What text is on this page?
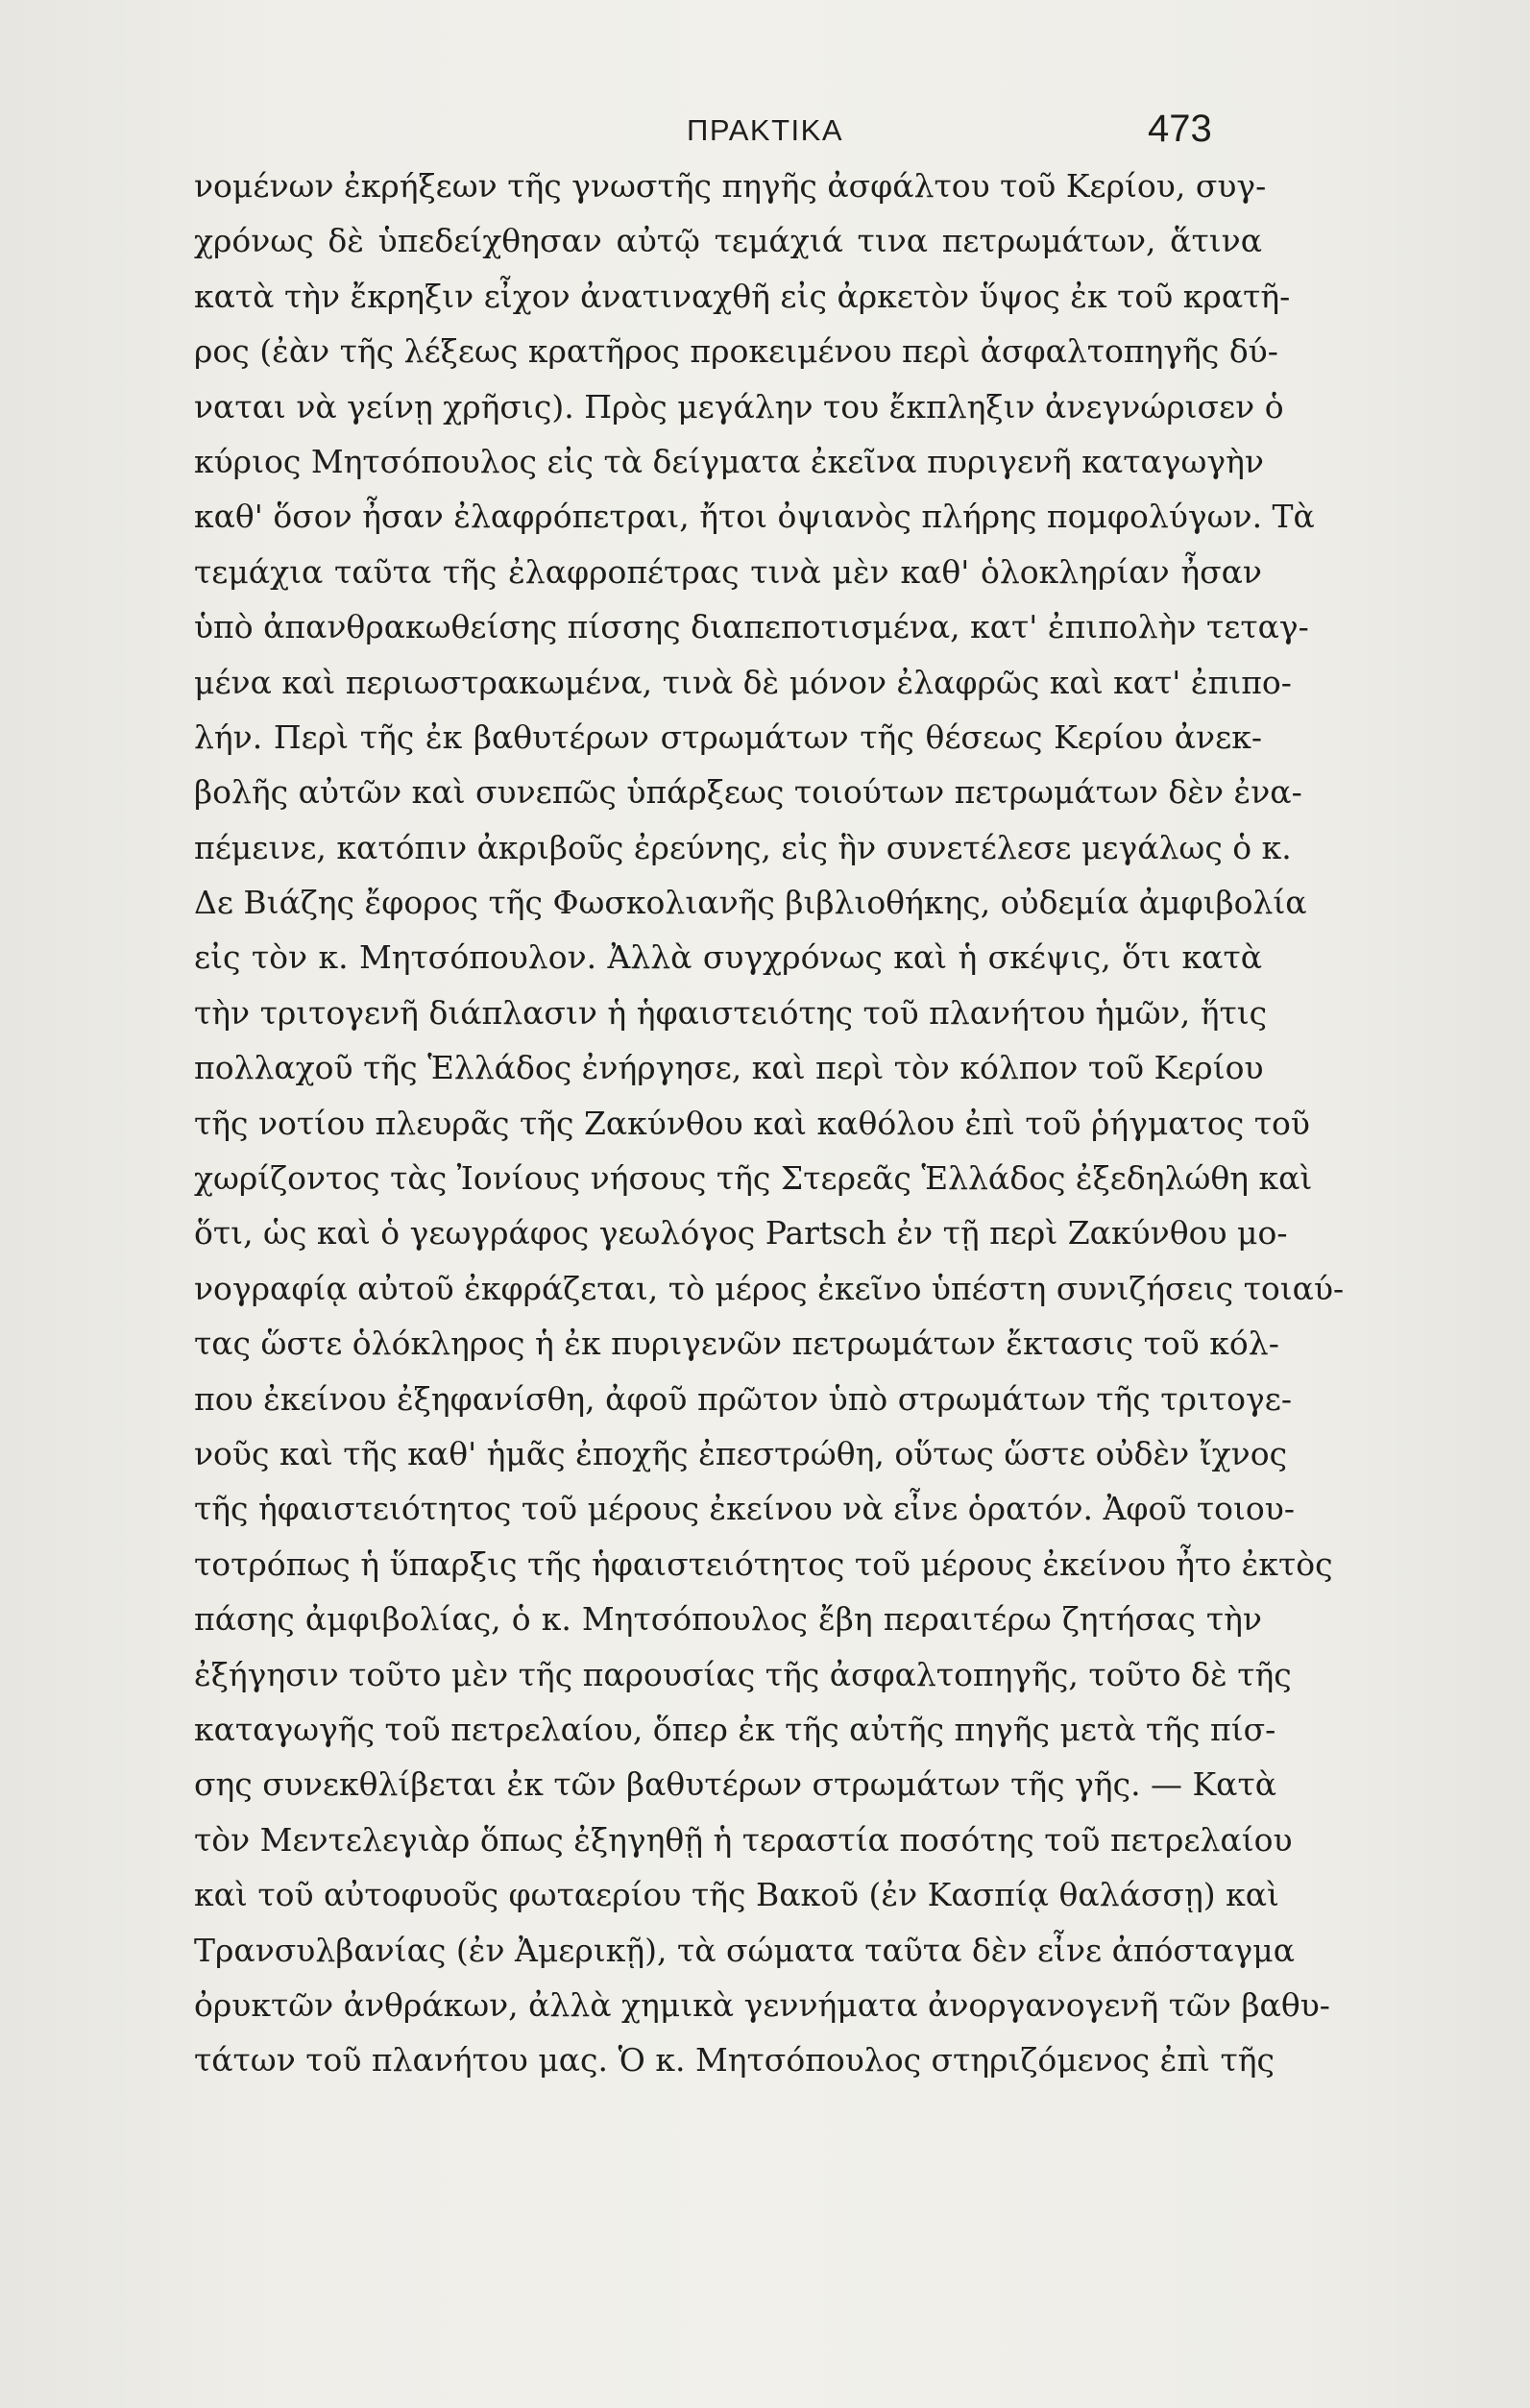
ΠΡΑΚΤΙΚΑ	473
νομένων ἐκρήξεων τῆς γνωστῆς πηγῆς ἀσφάλτου τοῦ Κερίου, συγ-
χρόνως δὲ ὑπεδείχθησαν αὐτῷ τεμάχιά τινα πετρωμάτων, ἅτινα
κατὰ τὴν ἔκρηξιν εἶχον ἀνατιναχθῆ εἰς ἀρκετὸν ὕψος ἐκ τοῦ κρατῆ-
ρος (ἐὰν τῆς λέξεως κρατῆρος προκειμένου περὶ ἀσφαλτοπηγῆς δύ-
ναται νὰ γείνῃ χρῆσις). Πρὸς μεγάλην του ἔκπληξιν ἀνεγνώρισεν ὁ
κύριος Μητσόπουλος εἰς τὰ δείγματα ἐκεῖνα πυριγενῆ καταγωγὴν
καθ' ὅσον ἦσαν ἐλαφρόπετραι, ἤτοι ὀψιανὸς πλήρης πομφολύγων. Τὰ
τεμάχια ταῦτα τῆς ἐλαφροπέτρας τινὰ μὲν καθ' ὁλοκληρίαν ἦσαν
ὑπὸ ἀπανθρακωθείσης πίσσης διαπεποτισμένα, κατ' ἐπιπολὴν τεταγ-
μένα καὶ περιωστρακωμένα, τινὰ δὲ μόνον ἐλαφρῶς καὶ κατ' ἐπιπο-
λήν. Περὶ τῆς ἐκ βαθυτέρων στρωμάτων τῆς θέσεως Κερίου ἀνεκ-
βολῆς αὐτῶν καὶ συνεπῶς ὑπάρξεως τοιούτων πετρωμάτων δὲν ἐνα-
πέμεινε, κατόπιν ἀκριβοῦς ἐρεύνης, εἰς ἣν συνετέλεσε μεγάλως ὁ κ.
Δε Βιάζης ἔφορος τῆς Φωσκολιανῆς βιβλιοθήκης, οὐδεμία ἀμφιβολία
εἰς τὸν κ. Μητσόπουλον. Ἀλλὰ συγχρόνως καὶ ἡ σκέψις, ὅτι κατὰ
τὴν τριτογενῆ διάπλασιν ἡ ἡφαιστειότης τοῦ πλανήτου ἡμῶν, ἥτις
πολλαχοῦ τῆς Ἑλλάδος ἐνήργησε, καὶ περὶ τὸν κόλπον τοῦ Κερίου
τῆς νοτίου πλευρᾶς τῆς Ζακύνθου καὶ καθόλου ἐπὶ τοῦ ῥήγματος τοῦ
χωρίζοντος τὰς Ἰονίους νήσους τῆς Στερεᾶς Ἑλλάδος ἐξεδηλώθη καὶ
ὅτι, ὡς καὶ ὁ γεωγράφος γεωλόγος Partsch ἐν τῇ περὶ Ζακύνθου μο-
νογραφίᾳ αὐτοῦ ἐκφράζεται, τὸ μέρος ἐκεῖνο ὑπέστη συνιζήσεις τοιαύ-
τας ὥστε ὁλόκληρος ἡ ἐκ πυριγενῶν πετρωμάτων ἔκτασις τοῦ κόλ-
που ἐκείνου ἐξηφανίσθη, ἀφοῦ πρῶτον ὑπὸ στρωμάτων τῆς τριτογε-
νοῦς καὶ τῆς καθ' ἡμᾶς ἐποχῆς ἐπεστρώθη, οὕτως ὥστε οὐδὲν ἴχνος
τῆς ἡφαιστειότητος τοῦ μέρους ἐκείνου νὰ εἶνε ὁρατόν. Ἀφοῦ τοιου-
τοτρόπως ἡ ὕπαρξις τῆς ἡφαιστειότητος τοῦ μέρους ἐκείνου ἦτο ἐκτὸς
πάσης ἀμφιβολίας, ὁ κ. Μητσόπουλος ἔβη περαιτέρω ζητήσας τὴν
ἐξήγησιν τοῦτο μὲν τῆς παρουσίας τῆς ἀσφαλτοπηγῆς, τοῦτο δὲ τῆς
καταγωγῆς τοῦ πετρελαίου, ὅπερ ἐκ τῆς αὐτῆς πηγῆς μετὰ τῆς πίσ-
σης συνεκθλίβεται ἐκ τῶν βαθυτέρων στρωμάτων τῆς γῆς. — Κατὰ
τὸν Μεντελεγιὰρ ὅπως ἐξηγηθῇ ἡ τεραστία ποσότης τοῦ πετρελαίου
καὶ τοῦ αὐτοφυοῦς φωταερίου τῆς Βακοῦ (ἐν Κασπίᾳ θαλάσσῃ) καὶ
Τρανσυλβανίας (ἐν Ἀμερικῇ), τὰ σώματα ταῦτα δὲν εἶνε ἀπόσταγμα
ὀρυκτῶν ἀνθράκων, ἀλλὰ χημικὰ γεννήματα ἀνοργανογενῆ τῶν βαθυ-
τάτων τοῦ πλανήτου μας. Ὁ κ. Μητσόπουλος στηριζόμενος ἐπὶ τῆς
